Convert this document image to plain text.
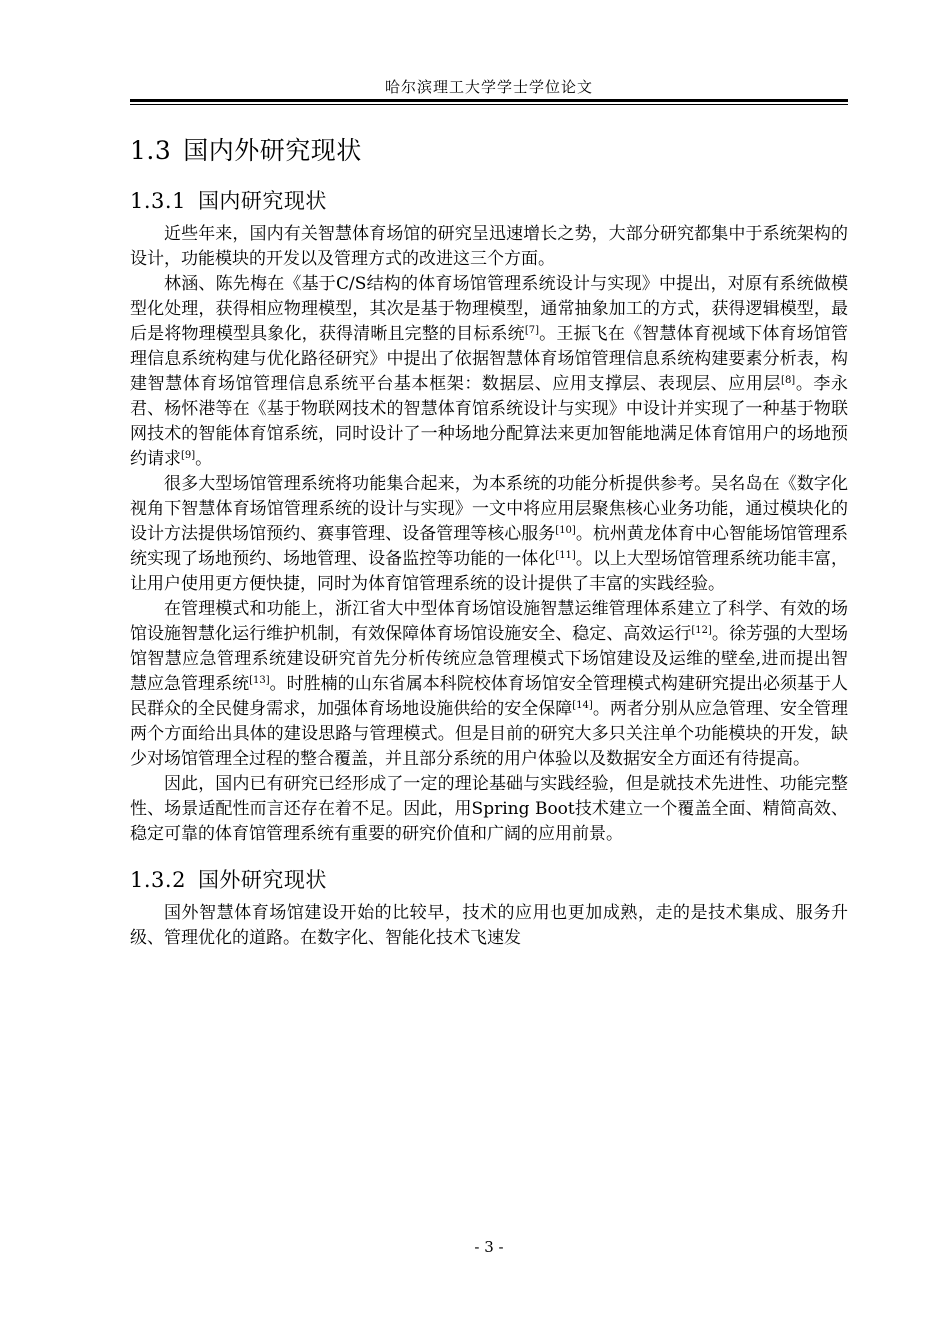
哈尔滨理工大学学士学位论文
1.3 国内外研究现状
1.3.1 国内研究现状

近些年来，国内有关智慧体育场馆的研究呈迅速增长之势，大部分研究都集中于系统架构的设计，功能模块的开发以及管理方式的改进这三个方面。

林涵、陈先梅在《基于C/S结构的体育场馆管理系统设计与实现》中提出，对原有系统做模型化处理，获得相应物理模型，其次是基于物理模型，通常抽象加工的方式，获得逻辑模型，最后是将物理模型具象化，获得清晰且完整的目标系统[7]。王振飞在《智慧体育视域下体育场馆管理信息系统构建与优化路径研究》中提出了依据智慧体育场馆管理信息系统构建要素分析表，构建智慧体育场馆管理信息系统平台基本框架：数据层、应用支撑层、表现层、应用层[8]。李永君、杨怀港等在《基于物联网技术的智慧体育馆系统设计与实现》中设计并实现了一种基于物联网技术的智能体育馆系统，同时设计了一种场地分配算法来更加智能地满足体育馆用户的场地预约请求[9]。

很多大型场馆管理系统将功能集合起来，为本系统的功能分析提供参考。吴名岛在《数字化视角下智慧体育场馆管理系统的设计与实现》一文中将应用层聚焦核心业务功能，通过模块化的设计方法提供场馆预约、赛事管理、设备管理等核心服务[10]。杭州黄龙体育中心智能场馆管理系统实现了场地预约、场地管理、设备监控等功能的一体化[11]。以上大型场馆管理系统功能丰富，让用户使用更方便快捷，同时为体育馆管理系统的设计提供了丰富的实践经验。

在管理模式和功能上，浙江省大中型体育场馆设施智慧运维管理体系建立了科学、有效的场馆设施智慧化运行维护机制，有效保障体育场馆设施安全、稳定、高效运行[12]。徐芳强的大型场馆智慧应急管理系统建设研究首先分析传统应急管理模式下场馆建设及运维的壁垒,进而提出智慧应急管理系统[13]。时胜楠的山东省属本科院校体育场馆安全管理模式构建研究提出必须基于人民群众的全民健身需求，加强体育场地设施供给的安全保障[14]。两者分别从应急管理、安全管理两个方面给出具体的建设思路与管理模式。但是目前的研究大多只关注单个功能模块的开发，缺少对场馆管理全过程的整合覆盖，并且部分系统的用户体验以及数据安全方面还有待提高。

因此，国内已有研究已经形成了一定的理论基础与实践经验，但是就技术先进性、功能完整性、场景适配性而言还存在着不足。因此，用Spring Boot技术建立一个覆盖全面、精简高效、稳定可靠的体育馆管理系统有重要的研究价值和广阔的应用前景。

1.3.2 国外研究现状

国外智慧体育场馆建设开始的比较早，技术的应用也更加成熟，走的是技术集成、服务升级、管理优化的道路。在数字化、智能化技术飞速发

- 3 -
